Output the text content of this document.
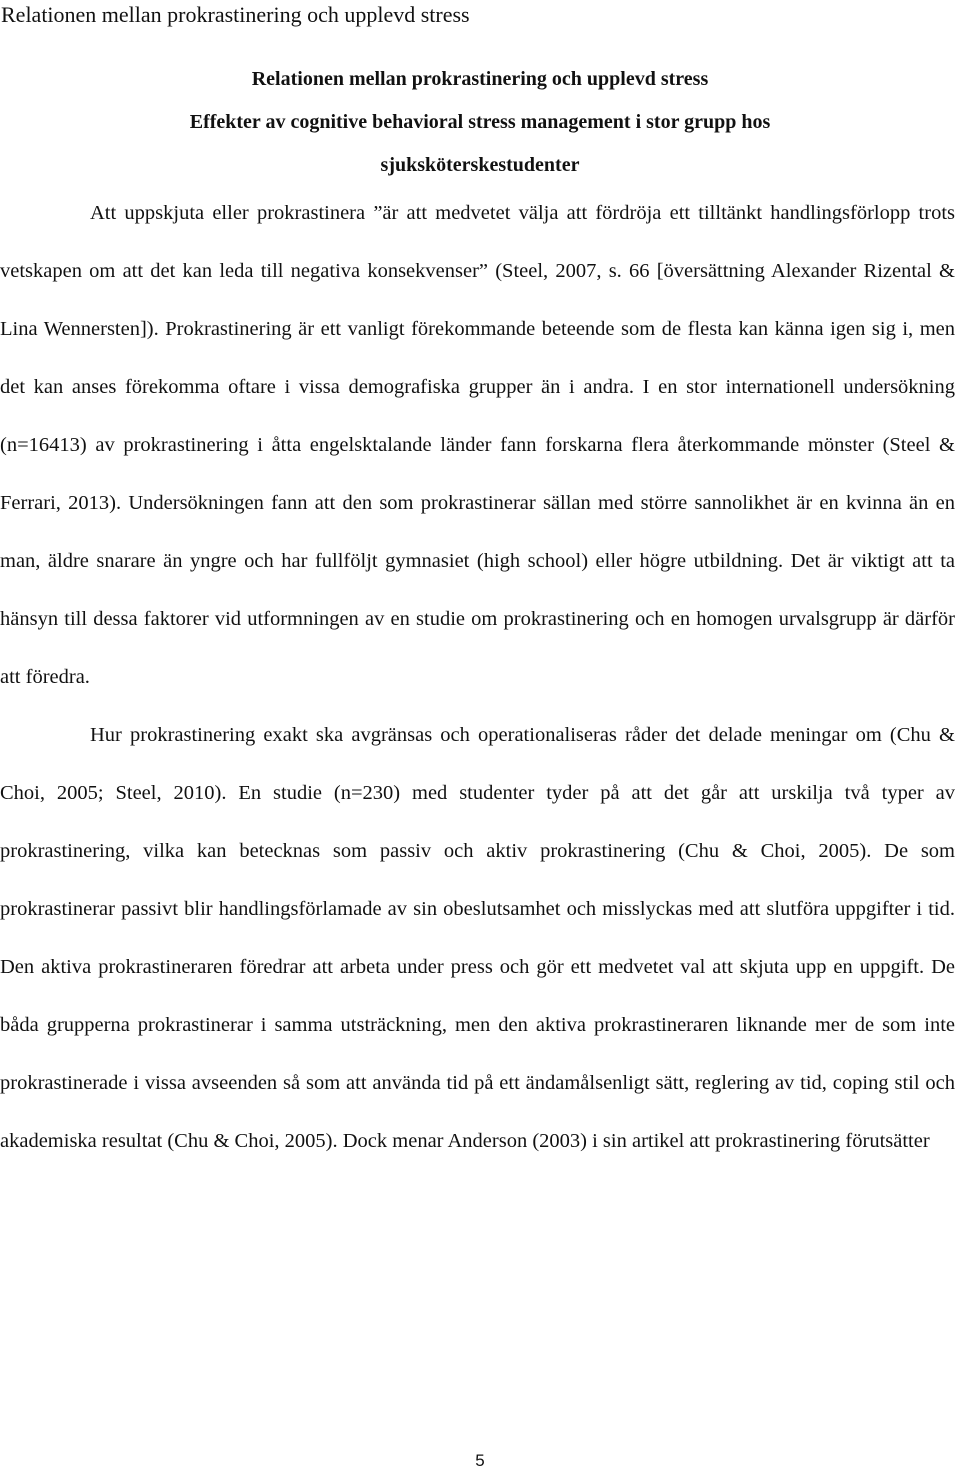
Relationen mellan prokrastinering och upplevd stress
Relationen mellan prokrastinering och upplevd stress
Effekter av cognitive behavioral stress management i stor grupp hos
sjuksköterskestudenter

Att uppskjuta eller prokrastinera ”är att medvetet välja att fördröja ett tilltänkt handlingsförlopp trots vetskapen om att det kan leda till negativa konsekvenser” (Steel, 2007, s. 66 [översättning Alexander Rizental & Lina Wennersten]). Prokrastinering är ett vanligt förekommande beteende som de flesta kan känna igen sig i, men det kan anses förekomma oftare i vissa demografiska grupper än i andra. I en stor internationell undersökning (n=16413) av prokrastinering i åtta engelsktalande länder fann forskarna flera återkommande mönster (Steel & Ferrari, 2013). Undersökningen fann att den som prokrastinerar sällan med större sannolikhet är en kvinna än en man, äldre snarare än yngre och har fullföljt gymnasiet (high school) eller högre utbildning. Det är viktigt att ta hänsyn till dessa faktorer vid utformningen av en studie om prokrastinering och en homogen urvalsgrupp är därför att föredra.

Hur prokrastinering exakt ska avgränsas och operationaliseras råder det delade meningar om (Chu & Choi, 2005; Steel, 2010). En studie (n=230) med studenter tyder på att det går att urskilja två typer av prokrastinering, vilka kan betecknas som passiv och aktiv prokrastinering (Chu & Choi, 2005). De som prokrastinerar passivt blir handlingsförlamade av sin obeslutsamhet och misslyckas med att slutföra uppgifter i tid. Den aktiva prokrastineraren föredrar att arbeta under press och gör ett medvetet val att skjuta upp en uppgift. De båda grupperna prokrastinerar i samma utsträckning, men den aktiva prokrastineraren liknande mer de som inte prokrastinerade i vissa avseenden så som att använda tid på ett ändamålsenligt sätt, reglering av tid, coping stil och akademiska resultat (Chu & Choi, 2005). Dock menar Anderson (2003) i sin artikel att prokrastinering förutsätter

5
